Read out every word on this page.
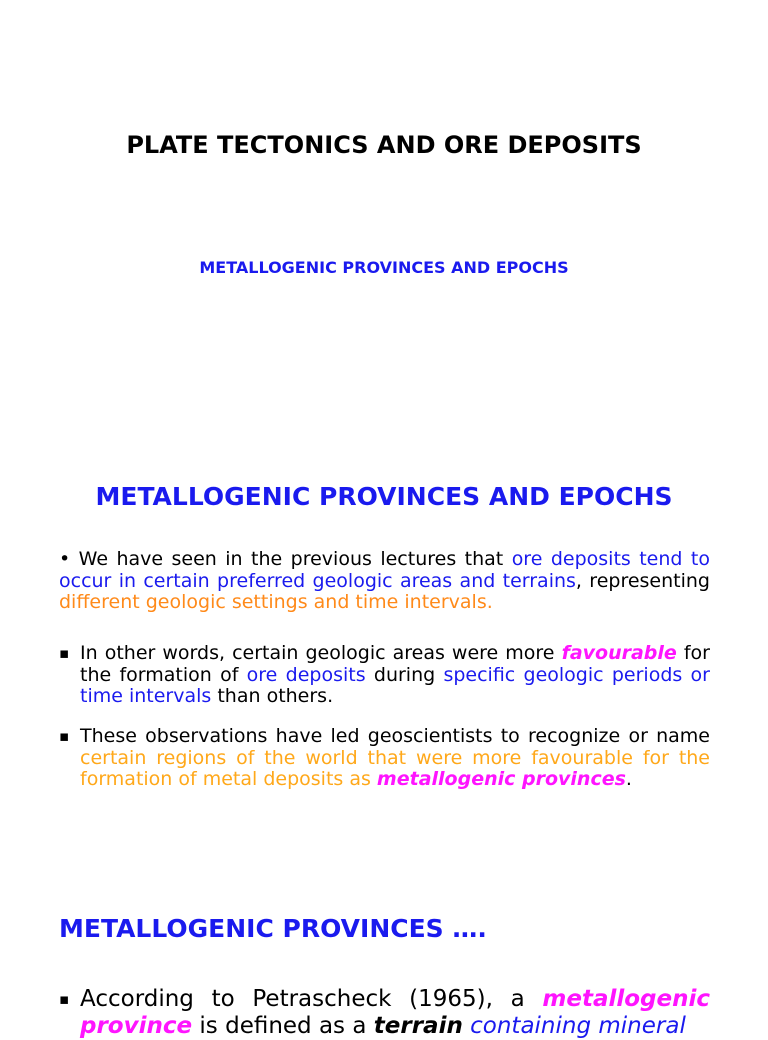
PLATE TECTONICS AND ORE DEPOSITS
METALLOGENIC PROVINCES AND EPOCHS
METALLOGENIC PROVINCES AND EPOCHS
• We have seen in the previous lectures that ore deposits tend to occur in certain preferred geologic areas and terrains, representing different geologic settings and time intervals.
▪ In other words, certain geologic areas were more favourable for the formation of ore deposits during specific geologic periods or time intervals than others.
▪ These observations have led geoscientists to recognize or name certain regions of the world that were more favourable for the formation of metal deposits as metallogenic provinces.
▪ According to Petrascheck (1965), a metallogenic province is defined as a terrain containing mineral
METALLOGENIC PROVINCES ….
